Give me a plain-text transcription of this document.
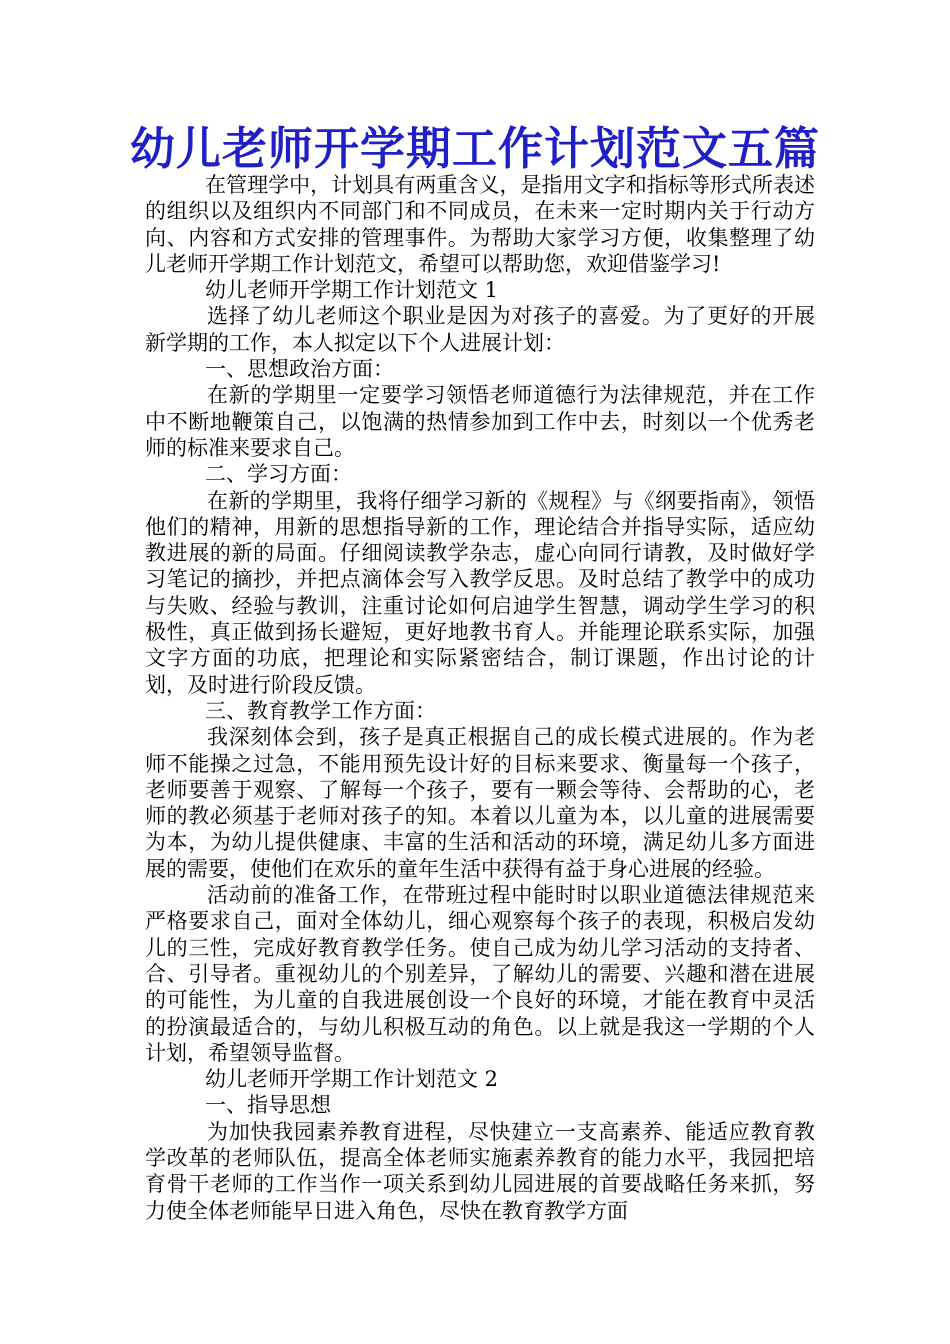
幼儿老师开学期工作计划范文五篇

在管理学中，计划具有两重含义，是指用文字和指标等形式所表述的组织以及组织内不同部门和不同成员，在未来一定时期内关于行动方向、内容和方式安排的管理事件。为帮助大家学习方便，收集整理了幼儿老师开学期工作计划范文，希望可以帮助您，欢迎借鉴学习!

幼儿老师开学期工作计划范文 1

选择了幼儿老师这个职业是因为对孩子的喜爱。为了更好的开展新学期的工作，本人拟定以下个人进展计划：

一、思想政治方面：

在新的学期里一定要学习领悟老师道德行为法律规范，并在工作中不断地鞭策自己，以饱满的热情参加到工作中去，时刻以一个优秀老师的标准来要求自己。

二、学习方面：

在新的学期里，我将仔细学习新的《规程》与《纲要指南》，领悟他们的精神，用新的思想指导新的工作，理论结合并指导实际，适应幼教进展的新的局面。仔细阅读教学杂志，虚心向同行请教，及时做好学习笔记的摘抄，并把点滴体会写入教学反思。及时总结了教学中的成功与失败、经验与教训，注重讨论如何启迪学生智慧，调动学生学习的积极性，真正做到扬长避短，更好地教书育人。并能理论联系实际，加强文字方面的功底，把理论和实际紧密结合，制订课题，作出讨论的计划，及时进行阶段反馈。

三、教育教学工作方面：

我深刻体会到，孩子是真正根据自己的成长模式进展的。作为老师不能操之过急，不能用预先设计好的目标来要求、衡量每一个孩子，老师要善于观察、了解每一个孩子，要有一颗会等待、会帮助的心，老师的教必须基于老师对孩子的知。本着以儿童为本，以儿童的进展需要为本，为幼儿提供健康、丰富的生活和活动的环境，满足幼儿多方面进展的需要，使他们在欢乐的童年生活中获得有益于身心进展的经验。

活动前的准备工作，在带班过程中能时时以职业道德法律规范来严格要求自己，面对全体幼儿，细心观察每个孩子的表现，积极启发幼儿的三性，完成好教育教学任务。使自己成为幼儿学习活动的支持者、合、引导者。重视幼儿的个别差异，了解幼儿的需要、兴趣和潜在进展的可能性，为儿童的自我进展创设一个良好的环境，才能在教育中灵活的扮演最适合的，与幼儿积极互动的角色。以上就是我这一学期的个人计划，希望领导监督。

幼儿老师开学期工作计划范文 2
一、指导思想

为加快我园素养教育进程，尽快建立一支高素养、能适应教育教学改革的老师队伍，提高全体老师实施素养教育的能力水平，我园把培育骨干老师的工作当作一项关系到幼儿园进展的首要战略任务来抓，努力使全体老师能早日进入角色，尽快在教育教学方面
